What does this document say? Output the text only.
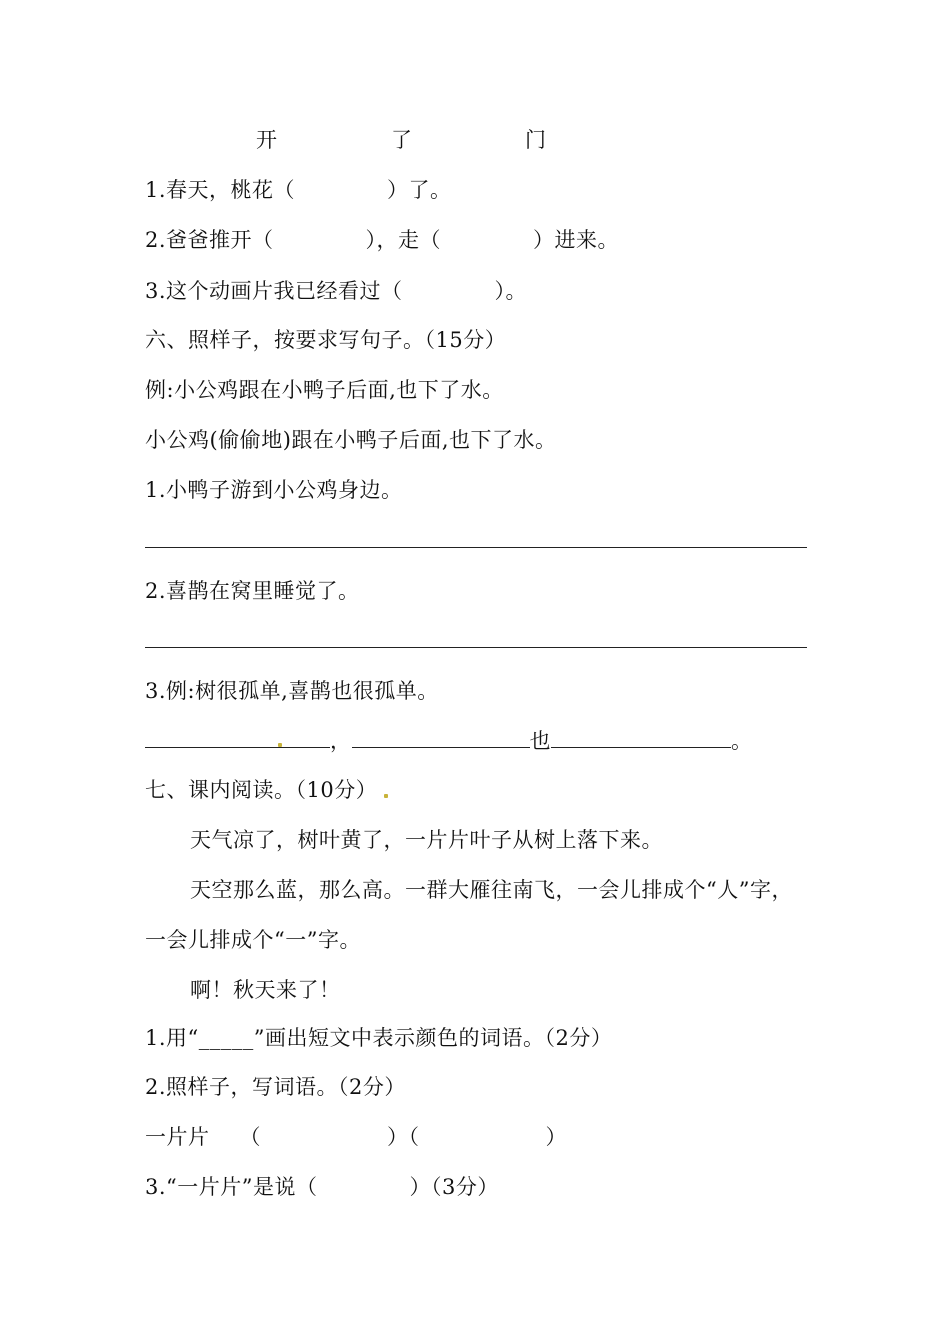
开	了	门
1.春天，桃花（	）了。
2.爸爸推开（	），走（	）进来。
3.这个动画片我已经看过（	）。
六、照样子，按要求写句子。（15分）
例:小公鸡跟在小鸭子后面,也下了水。
小公鸡(偷偷地)跟在小鸭子后面,也下了水。
1.小鸭子游到小公鸡身边。
2.喜鹊在窝里睡觉了。
3.例:树很孤单,喜鹊也很孤单。
，	也	。
七、课内阅读。（10分）
天气凉了，树叶黄了，一片片叶子从树上落下来。
天空那么蓝，那么高。一群大雁往南飞，一会儿排成个“人”字，
一会儿排成个“一”字。
啊！秋天来了！
1.用“_____”画出短文中表示颜色的词语。（2分）
2.照样子，写词语。（2分）
一片片 （	）（	）
3.“一片片”是说（	）（3分）
